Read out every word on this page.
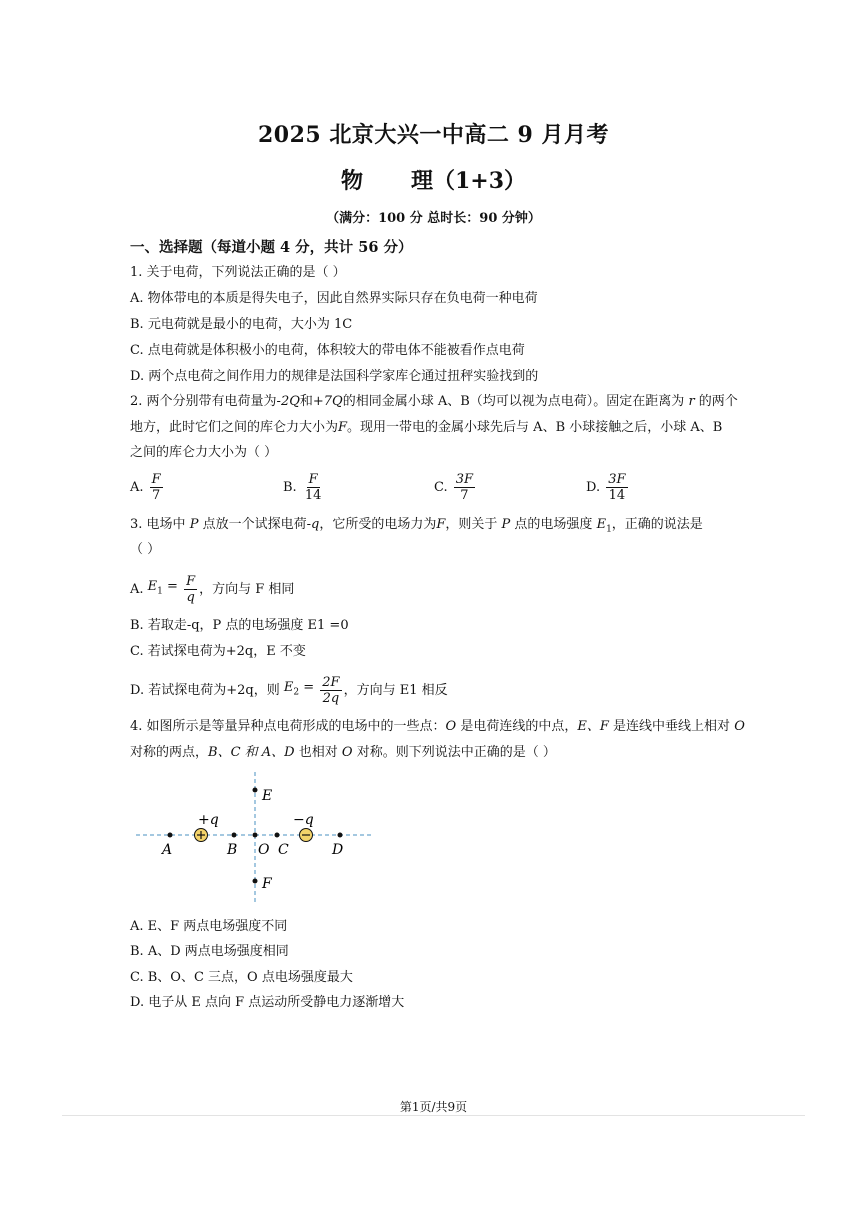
2025 北京大兴一中高二 9 月月考
物 理（1+3）
（满分：100 分 总时长：90 分钟）
一、选择题（每道小题 4 分，共计 56 分）
1. 关于电荷，下列说法正确的是（ ）
A. 物体带电的本质是得失电子，因此自然界实际只存在负电荷一种电荷
B. 元电荷就是最小的电荷，大小为 1C
C. 点电荷就是体积极小的电荷，体积较大的带电体不能被看作点电荷
D. 两个点电荷之间作用力的规律是法国科学家库仑通过扭秤实验找到的
2. 两个分别带有电荷量为-2Q和+7Q的相同金属小球 A、B（均可以视为点电荷）。固定在距离为 r 的两个
地方，此时它们之间的库仑力大小为F。现用一带电的金属小球先后与 A、B 小球接触之后，小球 A、B
之间的库仑力大小为（ ）
A. $\frac{F}{7}$	B. $\frac{F}{14}$	C. $\frac{3F}{7}$	D. $\frac{3F}{14}$
3. 电场中 P 点放一个试探电荷-q，它所受的电场力为F，则关于 P 点的电场强度 $E_1$，正确的说法是
（ ）
A. $E_1 = \frac{F}{q}$ ，方向与 F 相同
B. 若取走-q，P 点的电场强度 E1 =0
C. 若试探电荷为+2q，E 不变
D. 若试探电荷为+2q，则 $E_2 = \frac{2F}{2q}$ ，方向与 E1 相反
4. 如图所示是等量异种点电荷形成的电场中的一些点：O 是电荷连线的中点，E、F 是连线中垂线上相对 O
对称的两点，B、C 和 A、D 也相对 O 对称。则下列说法中正确的是（ ）
+q	−q
A	B O C	D
E
F
A. E、F 两点电场强度不同
B. A、D 两点电场强度相同
C. B、O、C 三点，O 点电场强度最大
D. 电子从 E 点向 F 点运动所受静电力逐渐增大
第1页/共9页
